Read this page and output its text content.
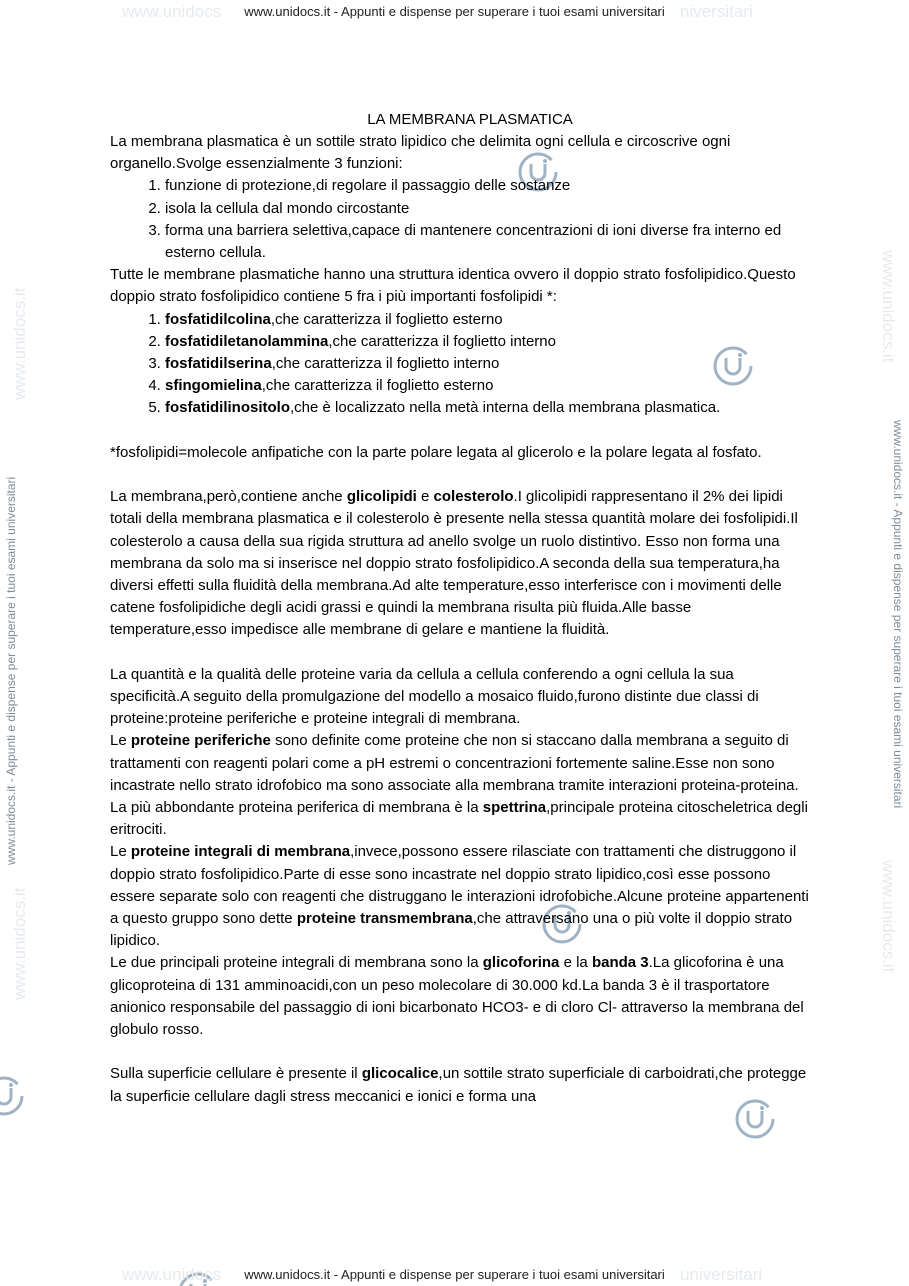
www.unidocs	niversitari
www.unidocs.it - Appunti e dispense per superare i tuoi esami universitari
www.unidocs.it
www.unidocs.it
www.unidocs.it
www.unidocs.it
www.unidocs.it - Appunti e dispense per superare i tuoi esami universitari	www.unidocs.it - Appunti e dispense per superare i tuoi esami universitari
LA MEMBRANA PLASMATICA

La membrana plasmatica è un sottile strato lipidico che delimita ogni cellula e circoscrive ogni organello.Svolge essenzialmente 3 funzioni:

1. funzione di protezione,di regolare il passaggio delle sostanze
2. isola la cellula dal mondo circostante
3. forma una barriera selettiva,capace di mantenere concentrazioni di ioni diverse fra interno ed esterno cellula.

Tutte le membrane plasmatiche hanno una struttura identica ovvero il doppio strato fosfolipidico.Questo doppio strato fosfolipidico contiene 5 fra i più importanti fosfolipidi *:

1. fosfatidilcolina,che caratterizza il foglietto esterno
2. fosfatidiletanolammina,che caratterizza il foglietto interno
3. fosfatidilserina,che caratterizza il foglietto interno
4. sfingomielina,che caratterizza il foglietto esterno
5. fosfatidilinositolo,che è localizzato nella metà interna della membrana plasmatica.

*fosfolipidi=molecole anfipatiche con la parte polare legata al glicerolo e la polare legata al fosfato.

La membrana,però,contiene anche glicolipidi e colesterolo.I glicolipidi rappresentano il 2% dei lipidi totali della membrana plasmatica e il colesterolo è presente nella stessa quantità molare dei fosfolipidi.Il colesterolo a causa della sua rigida struttura ad anello svolge un ruolo distintivo. Esso non forma una membrana da solo ma si inserisce nel doppio strato fosfolipidico.A seconda della sua temperatura,ha diversi effetti sulla fluidità della membrana.Ad alte temperature,esso interferisce con i movimenti delle catene fosfolipidiche degli acidi grassi e quindi la membrana risulta più fluida.Alle basse temperature,esso impedisce alle membrane di gelare e mantiene la fluidità.

La quantità e la qualità delle proteine varia da cellula a cellula conferendo a ogni cellula la sua specificità.A seguito della promulgazione del modello a mosaico fluido,furono distinte due classi di proteine:proteine periferiche e proteine integrali di membrana.

Le proteine periferiche sono definite come proteine che non si staccano dalla membrana a seguito di trattamenti con reagenti polari come a pH estremi o concentrazioni fortemente saline.Esse non sono incastrate nello strato idrofobico ma sono associate alla membrana tramite interazioni proteina-proteina.

La più abbondante proteina periferica di membrana è la spettrina,principale proteina citoscheletrica degli eritrociti.

Le proteine integrali di membrana,invece,possono essere rilasciate con trattamenti che distruggono il doppio strato fosfolipidico.Parte di esse sono incastrate nel doppio strato lipidico,così esse possono essere separate solo con reagenti che distruggano le interazioni idrofobiche.Alcune proteine appartenenti a questo gruppo sono dette proteine transmembrana,che attraversano una o più volte il doppio strato lipidico.

Le due principali proteine integrali di membrana sono la glicoforina e la banda 3.La glicoforina è una glicoproteina di 131 amminoacidi,con un peso molecolare di 30.000 kd.La banda 3 è il trasportatore anionico responsabile del passaggio di ioni bicarbonato HCO3- e di cloro Cl- attraverso la membrana del globulo rosso.

Sulla superficie cellulare è presente il glicocalice,un sottile strato superficiale di carboidrati,che protegge la superficie cellulare dagli stress meccanici e ionici e forma una

www.unidocs	universitari
www.unidocs.it - Appunti e dispense per superare i tuoi esami universitari
